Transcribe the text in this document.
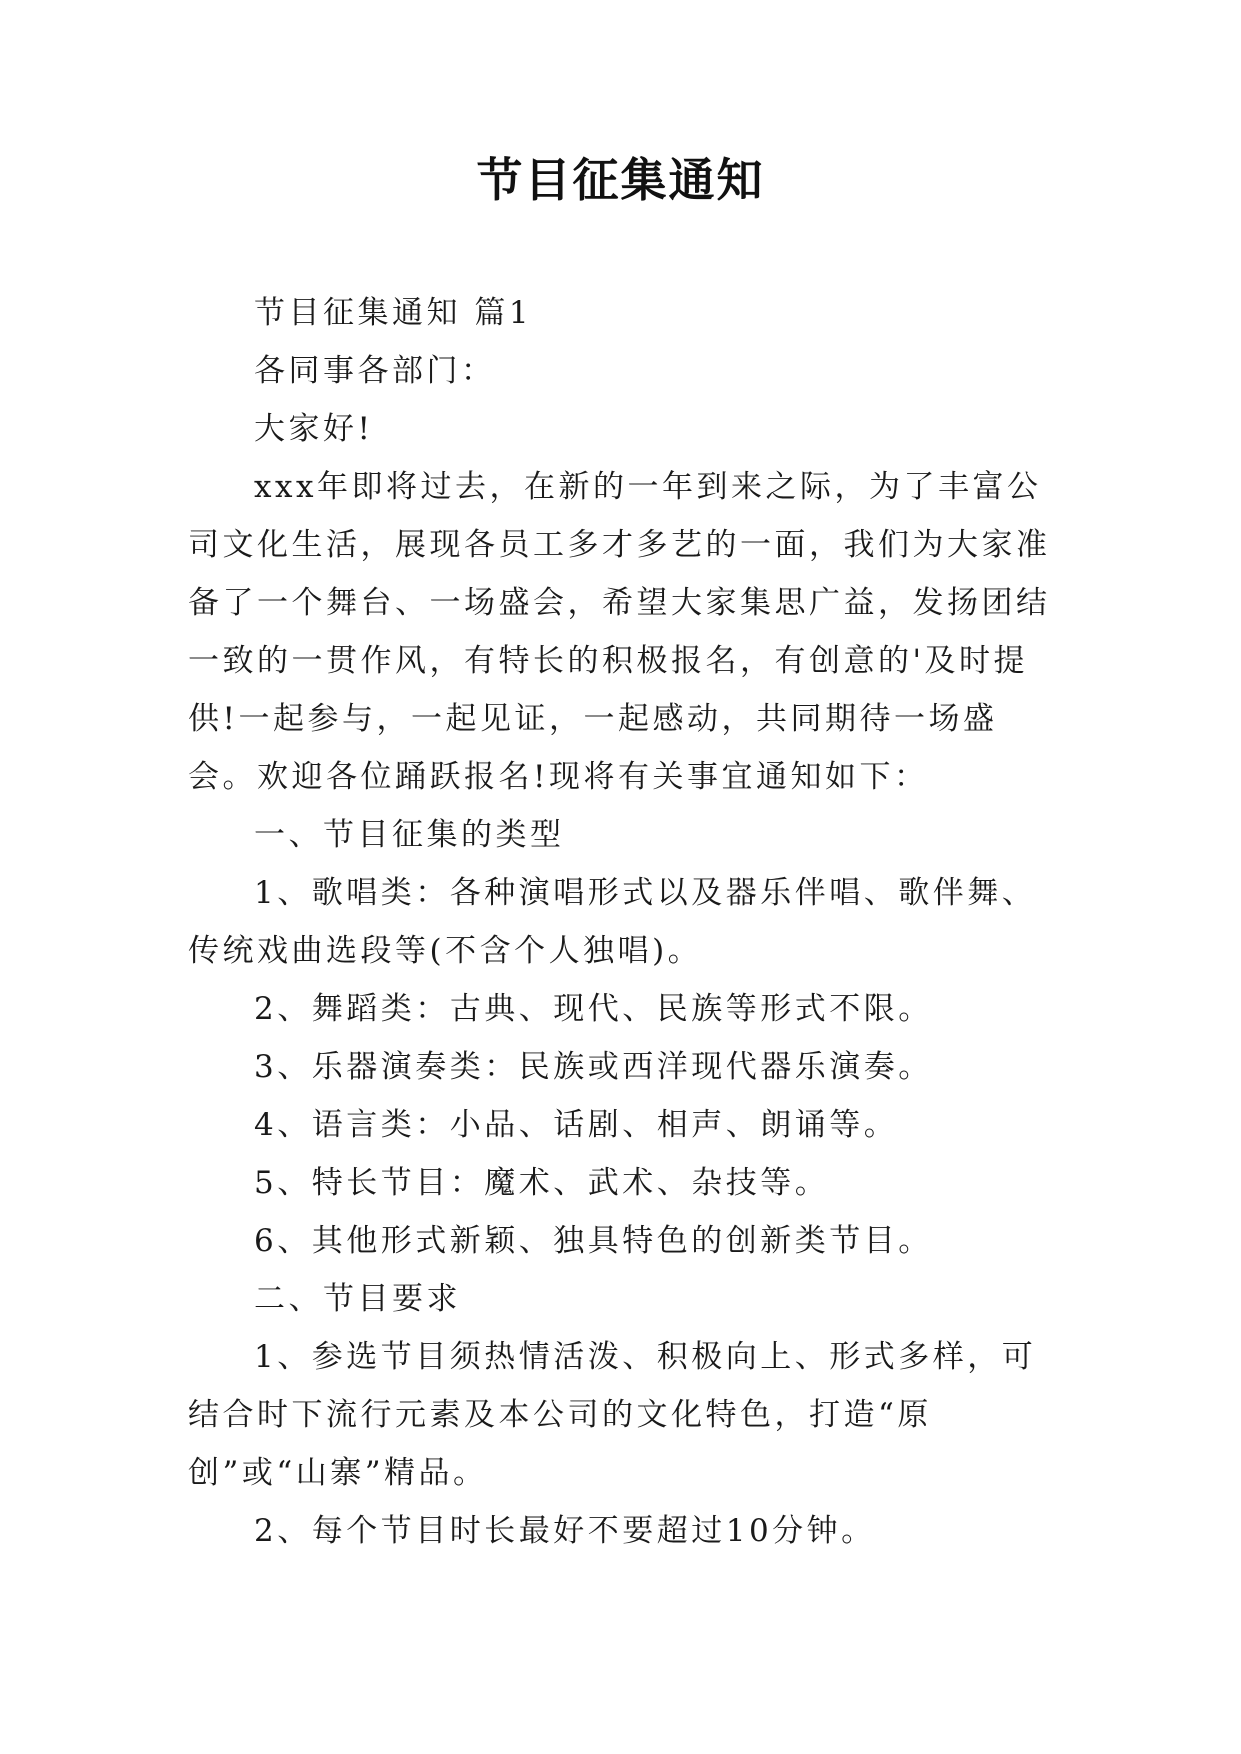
节目征集通知

节目征集通知 篇1

各同事各部门：

大家好!

xxx年即将过去，在新的一年到来之际，为了丰富公司文化生活，展现各员工多才多艺的一面，我们为大家准备了一个舞台、一场盛会，希望大家集思广益，发扬团结一致的一贯作风，有特长的积极报名，有创意的'及时提供!一起参与，一起见证，一起感动，共同期待一场盛会。欢迎各位踊跃报名!现将有关事宜通知如下：

一、节目征集的类型

1、歌唱类：各种演唱形式以及器乐伴唱、歌伴舞、传统戏曲选段等(不含个人独唱)。

2、舞蹈类：古典、现代、民族等形式不限。

3、乐器演奏类：民族或西洋现代器乐演奏。

4、语言类：小品、话剧、相声、朗诵等。

5、特长节目：魔术、武术、杂技等。

6、其他形式新颖、独具特色的创新类节目。

二、节目要求

1、参选节目须热情活泼、积极向上、形式多样，可结合时下流行元素及本公司的文化特色，打造“原创”或“山寨”精品。

2、每个节目时长最好不要超过10分钟。
